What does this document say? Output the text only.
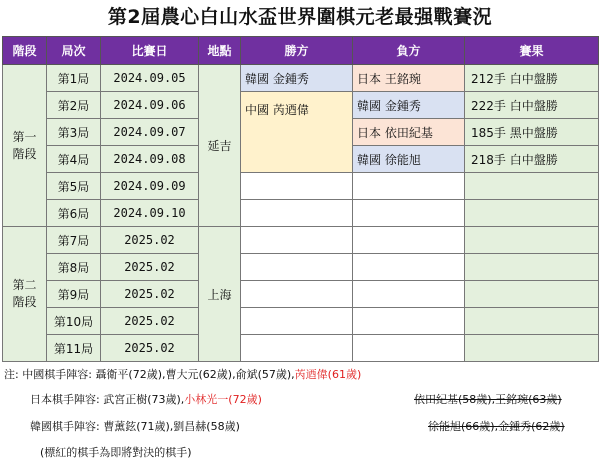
第2屆農心白山水盃世界圍棋元老最强戰賽況
階段	局次	比賽日	地點	勝方	負方	賽果
第一
階段	第1局	2024.09.05	延吉	韓國 金鍾秀	日本 王銘琬	212手 白中盤勝
	第2局	2024.09.06		中國 芮迺偉	韓國 金鍾秀	222手 白中盤勝
	第3局	2024.09.07			日本 依田紀基	185手 黑中盤勝
	第4局	2024.09.08			韓國 徐能旭	218手 白中盤勝
	第5局	2024.09.09				
	第6局	2024.09.10				
第二
階段	第7局	2025.02	上海			
	第8局	2025.02				
	第9局	2025.02				
	第10局	2025.02				
	第11局	2025.02				
注: 中國棋手陣容: 聶衛平(72歲),曹大元(62歲),俞斌(57歲),芮迺偉(61歲)
日本棋手陣容: 武宮正樹(73歲),小林光一(72歲)	依田紀基(58歲),王銘琬(63歲)
韓國棋手陣容: 曹薰鉉(71歲),劉昌赫(58歲)	徐能旭(66歲),金鍾秀(62歲)
(標紅的棋手為即將對決的棋手)
